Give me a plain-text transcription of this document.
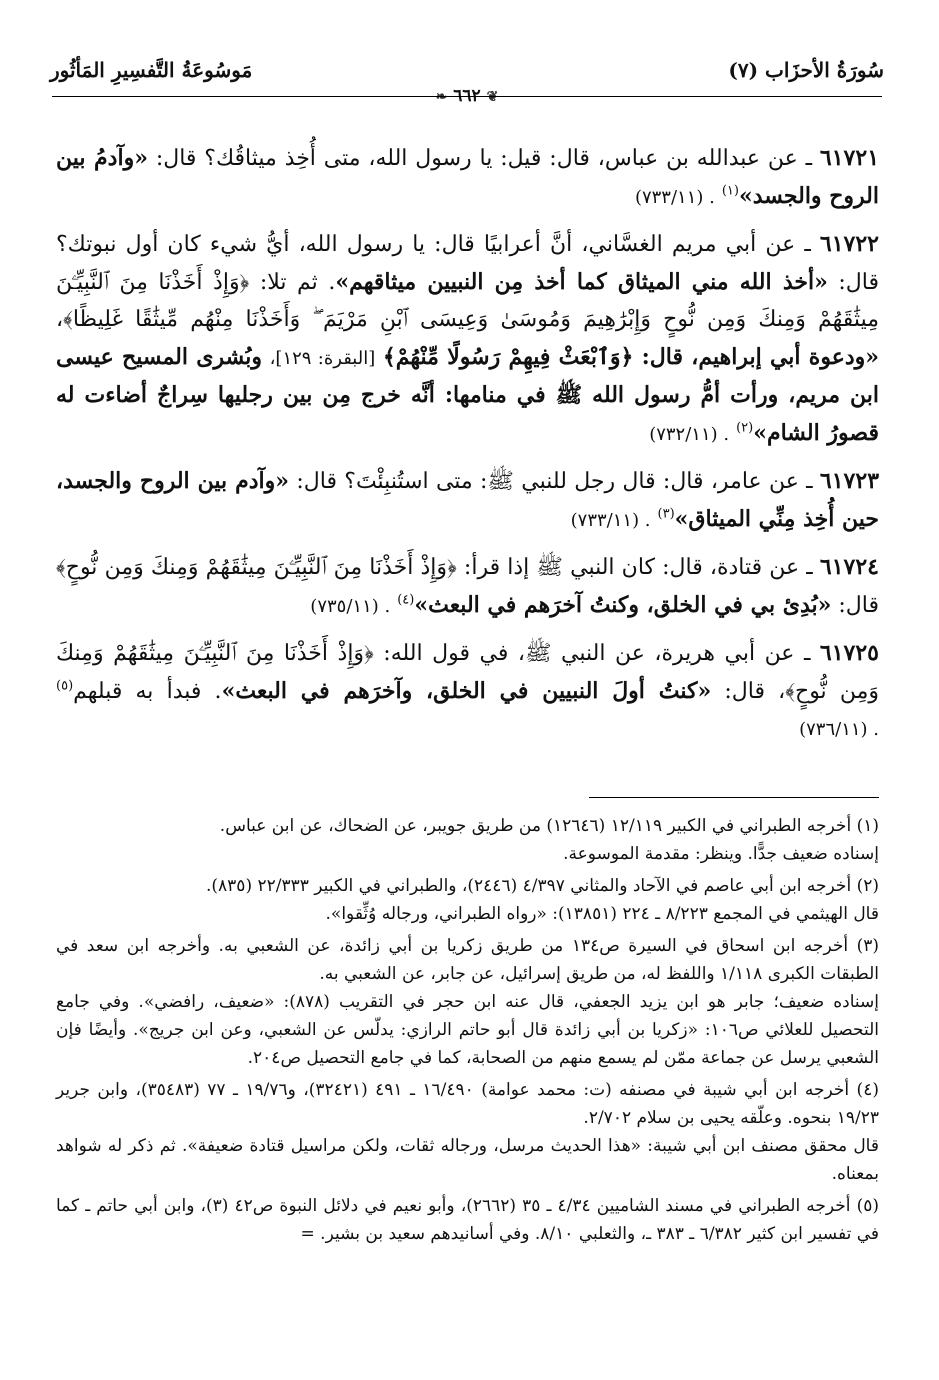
سُورَةُ الأحزَاب (٧)
مَوسُوعَةُ التَّفسِيرِ المَأثُور
❦ ٦٦٢ ❧

٦١٧٢١ ـ عن عبدالله بن عباس، قال: قيل: يا رسول الله، متى أُخِذ ميثاقُك؟ قال: «وآدمُ بين الروح والجسد»$^{(١)}$ . (٧٣٣/١١)

٦١٧٢٢ ـ عن أبي مريم الغسَّاني، أنَّ أعرابيًا قال: يا رسول الله، أيُّ شيء كان أول نبوتك؟ قال: «أخذ الله مني الميثاق كما أخذ مِن النبيين ميثاقهم». ثم تلا: ﴿وَإِذْ أَخَذْنَا مِنَ ٱلنَّبِيِّـۧنَ مِيثَٰقَهُمْ وَمِنكَ وَمِن نُّوحٍ وَإِبْرَٰهِيمَ وَمُوسَىٰ وَعِيسَى ٱبْنِ مَرْيَمَ ۖ وَأَخَذْنَا مِنْهُم مِّيثَٰقًا غَلِيظًا﴾، «ودعوة أبي إبراهيم، قال: ﴿وَٱبْعَثْ فِيهِمْ رَسُولًا مِّنْهُمْ﴾ [البقرة: ١٢٩]، وبُشرى المسيح عيسى ابن مريم، ورأت أمُّ رسول الله ﷺ في منامها: أنَّه خرج مِن بين رجليها سِراجٌ أضاءت له قصورُ الشام»$^{(٢)}$ . (٧٣٢/١١)

٦١٧٢٣ ـ عن عامر، قال: قال رجل للنبي ﷺ: متى استُنبِئْتَ؟ قال: «وآدم بين الروح والجسد، حين أُخِذ مِنِّي الميثاق»$^{(٣)}$ . (٧٣٣/١١)

٦١٧٢٤ ـ عن قتادة، قال: كان النبي ﷺ إذا قرأ: ﴿وَإِذْ أَخَذْنَا مِنَ ٱلنَّبِيِّـۧنَ مِيثَٰقَهُمْ وَمِنكَ وَمِن نُّوحٍ﴾ قال: «بُدِئ بي في الخلق، وكنتُ آخرَهم في البعث»$^{(٤)}$ . (٧٣٥/١١)

٦١٧٢٥ ـ عن أبي هريرة، عن النبي ﷺ، في قول الله: ﴿وَإِذْ أَخَذْنَا مِنَ ٱلنَّبِيِّـۧنَ مِيثَٰقَهُمْ وَمِنكَ وَمِن نُّوحٍ﴾، قال: «كنتُ أولَ النبيين في الخلق، وآخرَهم في البعث». فبدأ به قبلهم$^{(٥)}$ . (٧٣٦/١١)

(١) أخرجه الطبراني في الكبير ١٢/١١٩ (١٢٦٤٦) من طريق جويبر، عن الضحاك، عن ابن عباس.

إسناده ضعيف جدًّا. وينظر: مقدمة الموسوعة.

(٢) أخرجه ابن أبي عاصم في الآحاد والمثاني ٤/٣٩٧ (٢٤٤٦)، والطبراني في الكبير ٢٢/٣٣٣ (٨٣٥).

قال الهيثمي في المجمع ٨/٢٢٣ ـ ٢٢٤ (١٣٨٥١): «رواه الطبراني، ورجاله وُثِّقوا».

(٣) أخرجه ابن اسحاق في السيرة ص١٣٤ من طريق زكريا بن أبي زائدة، عن الشعبي به. وأخرجه ابن سعد في الطبقات الكبرى ١/١١٨ واللفظ له، من طريق إسرائيل، عن جابر، عن الشعبي به.

إسناده ضعيف؛ جابر هو ابن يزيد الجعفي، قال عنه ابن حجر في التقريب (٨٧٨): «ضعيف، رافضي». وفي جامع التحصيل للعلائي ص١٠٦: «زكريا بن أبي زائدة قال أبو حاتم الرازي: يدلّس عن الشعبي، وعن ابن جريج». وأيضًا فإن الشعبي يرسل عن جماعة ممّن لم يسمع منهم من الصحابة، كما في جامع التحصيل ص٢٠٤.

(٤) أخرجه ابن أبي شيبة في مصنفه (ت: محمد عوامة) ١٦/٤٩٠ ـ ٤٩١ (٣٢٤٢١)، و١٩/٧٦ ـ ٧٧ (٣٥٤٨٣)، وابن جرير ١٩/٢٣ بنحوه. وعلّقه يحيى بن سلام ٢/٧٠٢.

قال محقق مصنف ابن أبي شيبة: «هذا الحديث مرسل، ورجاله ثقات، ولكن مراسيل قتادة ضعيفة». ثم ذكر له شواهد بمعناه.

(٥) أخرجه الطبراني في مسند الشاميين ٤/٣٤ ـ ٣٥ (٢٦٦٢)، وأبو نعيم في دلائل النبوة ص٤٢ (٣)، وابن أبي حاتم ـ كما في تفسير ابن كثير ٦/٣٨٢ ـ ٣٨٣ ـ، والثعلبي ٨/١٠. وفي أسانيدهم سعيد بن بشير. =
